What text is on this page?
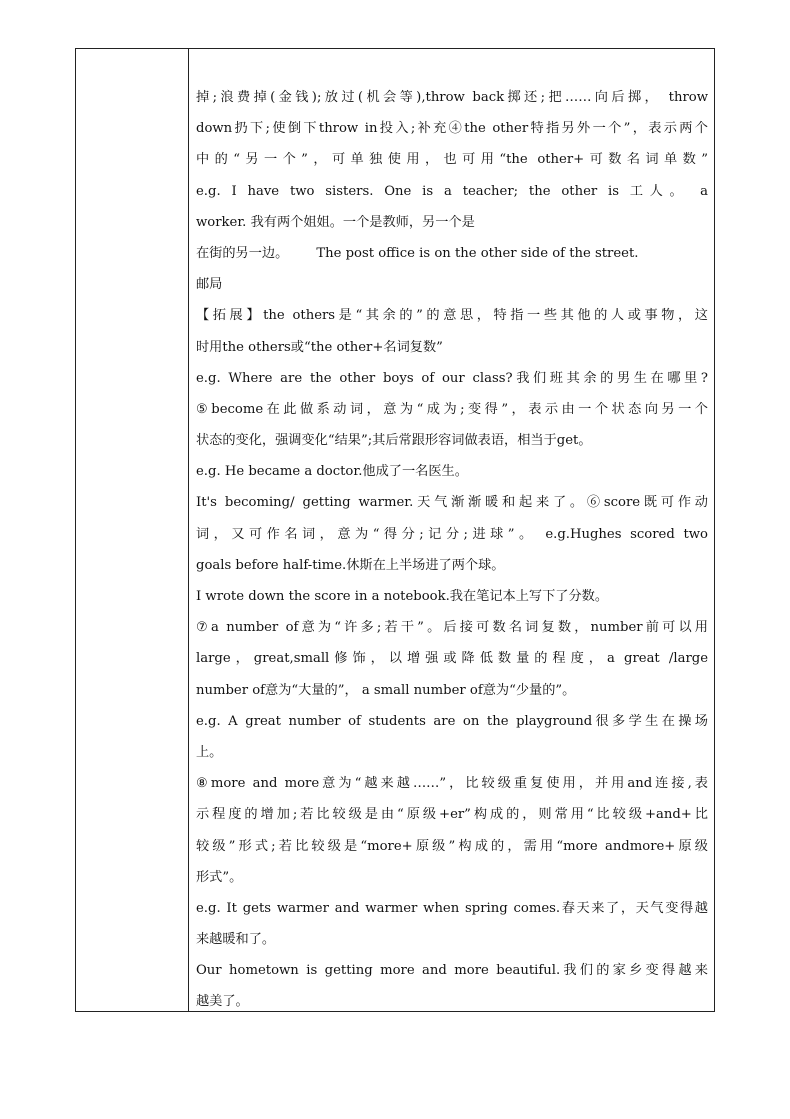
掉;浪费掉(金钱);放过(机会等),throw back掷还;把……向后掷， throw
down扔下;使倒下throw in投入;补充④the other特指另外一个”，表示两个
中的“另一个”，可单独使用，也可用“the other+可数名词单数”
e.g. I have two sisters. One is a teacher; the other is 工人。 a
worker. 我有两个姐姐。一个是教师，另一个是
在街的另一边。 The post office is on the other side of the street.
邮局
【拓展】the others是“其余的”的意思，特指一些其他的人或事物，这
时用the others或“the other+名词复数”
e.g. Where are the other boys of our class?我们班其余的男生在哪里?
⑤become在此做系动词，意为“成为;变得”，表示由一个状态向另一个
状态的变化，强调变化“结果”;其后常跟形容词做表语，相当于get。
e.g. He became a doctor.他成了一名医生。
It's becoming/ getting warmer.天气渐渐暖和起来了。⑥score既可作动
词，又可作名词，意为“得分;记分;进球”。 e.g.Hughes scored two
goals before half-time.休斯在上半场进了两个球。
I wrote down the score in a notebook.我在笔记本上写下了分数。
⑦a number of意为“许多;若干”。后接可数名词复数，number前可以用
large，great,small修饰，以增强或降低数量的程度，a great /large
number of意为“大量的”， a small number of意为“少量的”。
e.g. A great number of students are on the playground很多学生在操场
上。
⑧more and more意为“越来越……”，比较级重复使用，并用and连接,表
示程度的增加;若比较级是由“原级+er”构成的，则常用“比较级+and+比
较级”形式;若比较级是“more+原级”构成的，需用“more andmore+原级
形式”。
e.g. It gets warmer and warmer when spring comes.春天来了，天气变得越
来越暖和了。
Our hometown is getting more and more beautiful.我们的家乡变得越来
越美了。
